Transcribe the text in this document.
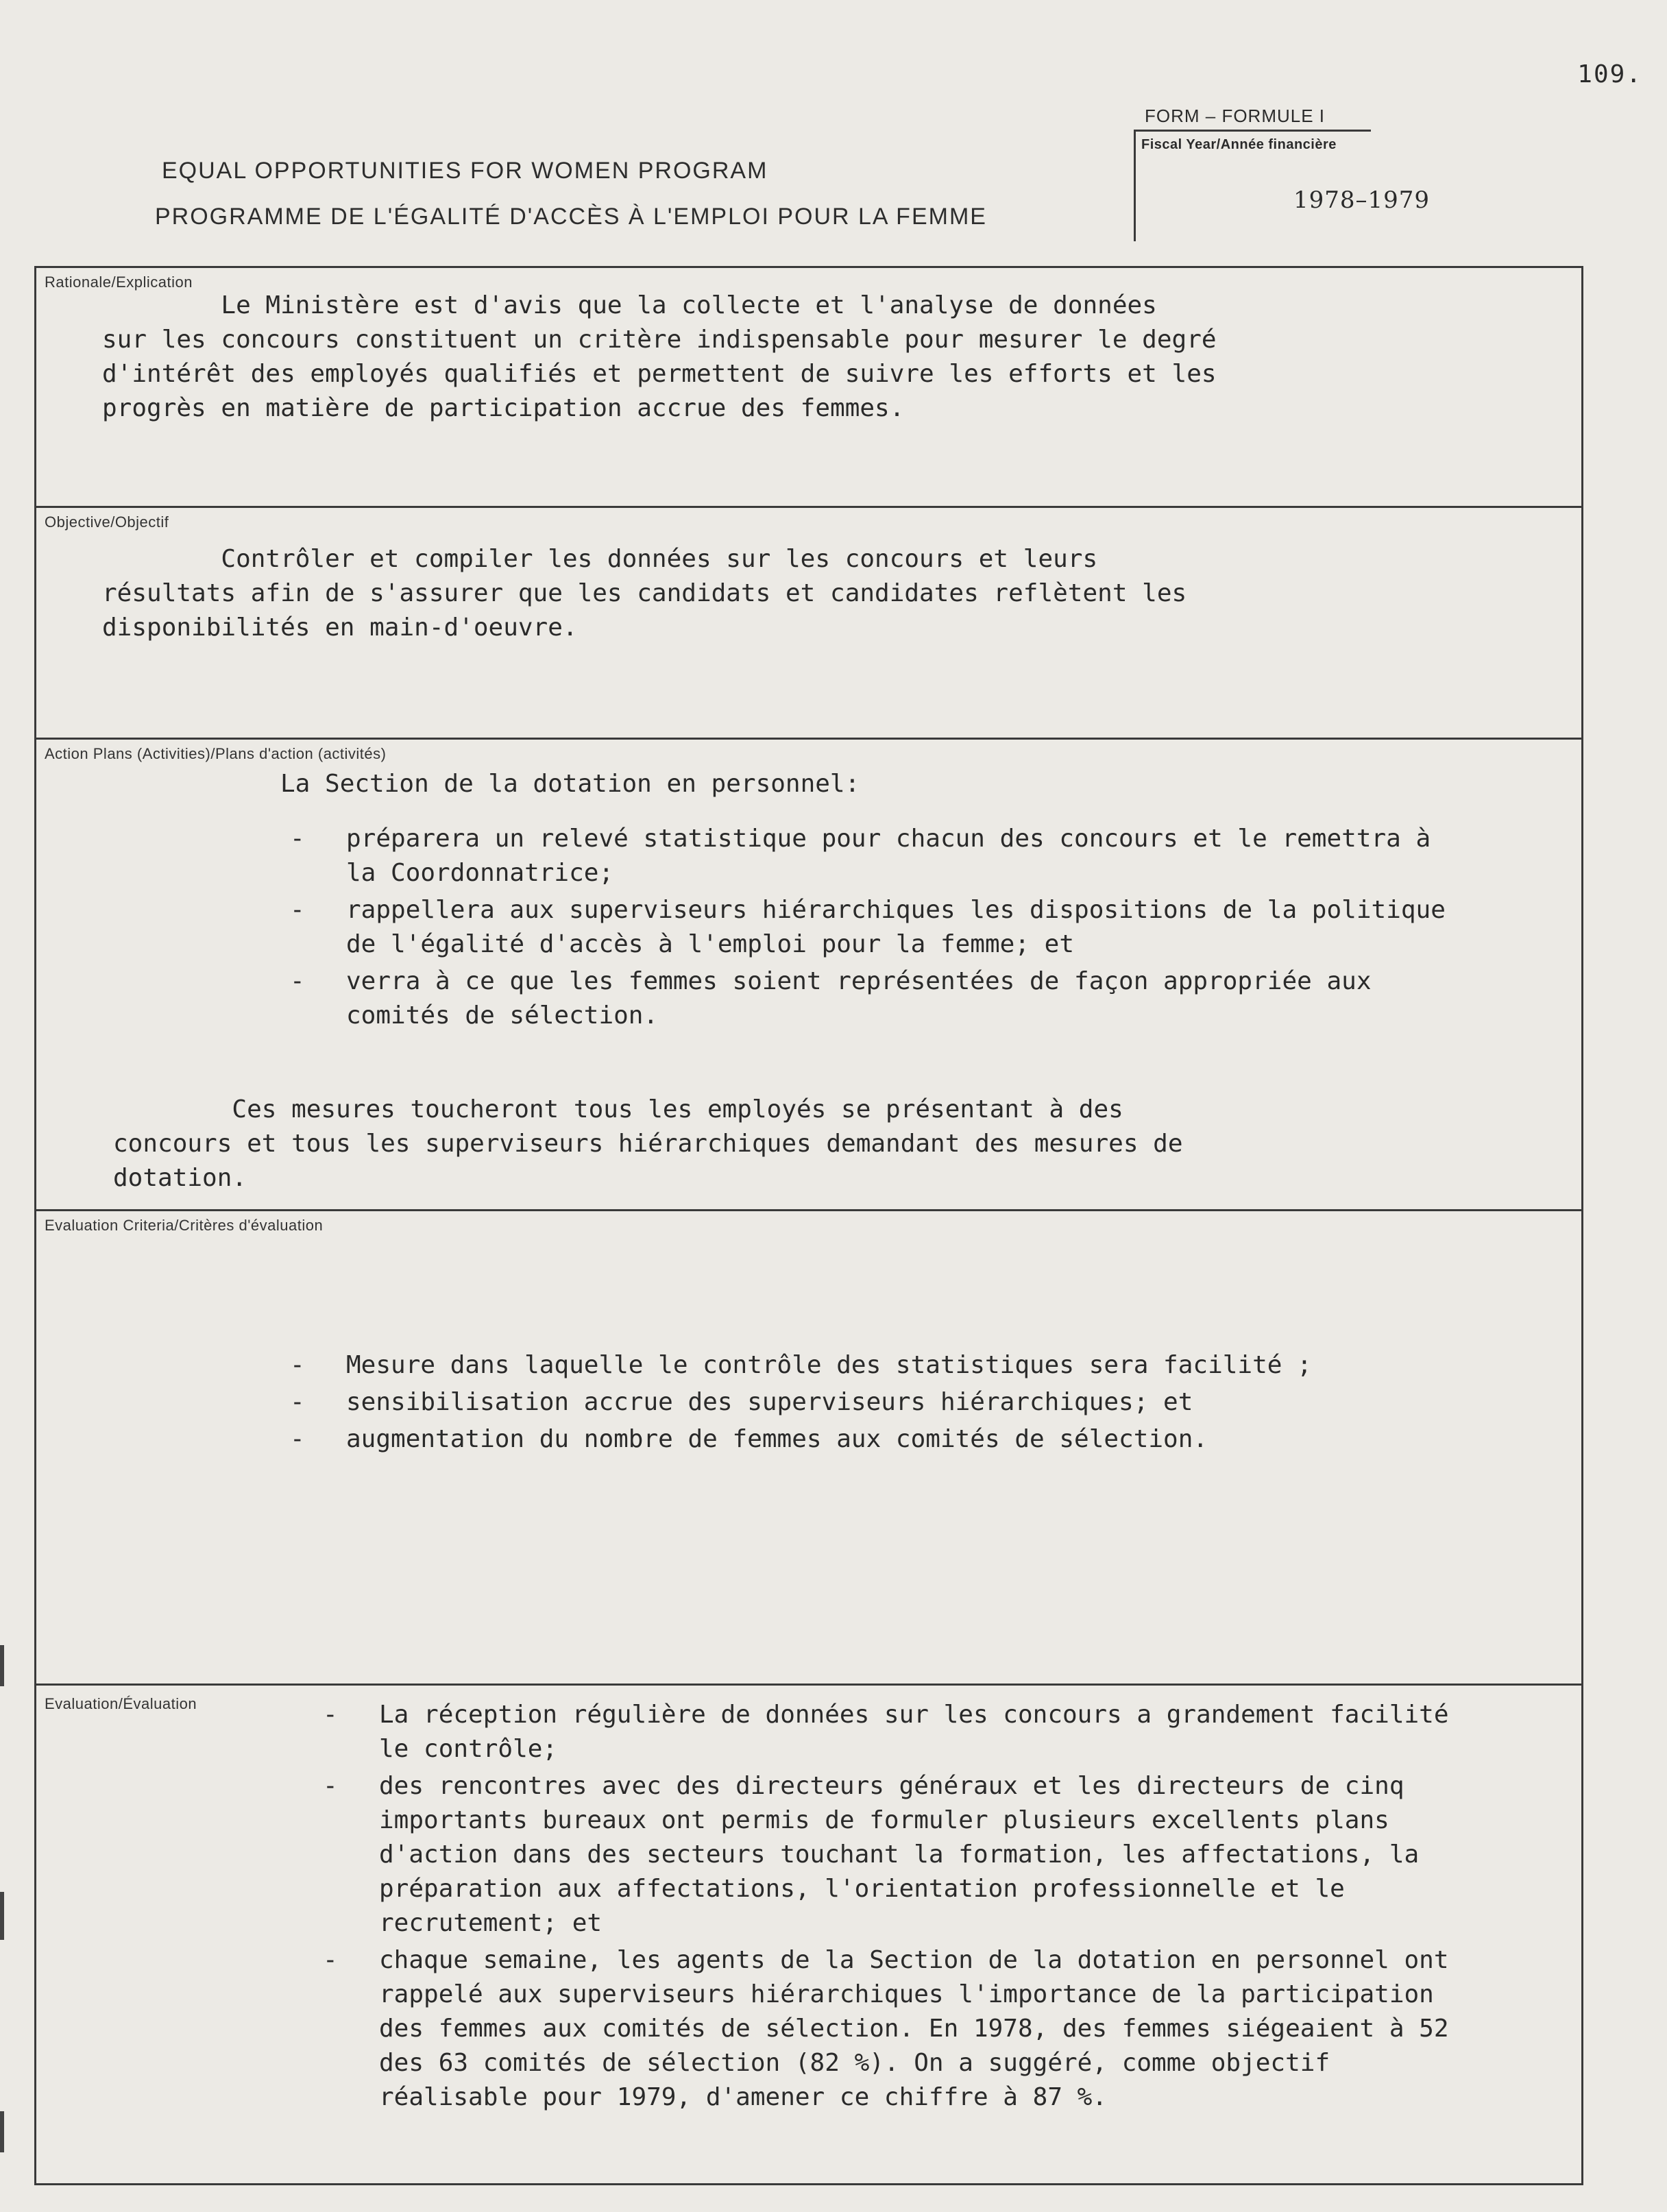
109.
EQUAL OPPORTUNITIES FOR WOMEN PROGRAM
PROGRAMME DE L'ÉGALITÉ D'ACCÈS À L'EMPLOI POUR LA FEMME
FORM – FORMULE I
Fiscal Year/Année financière
1978–1979
Rationale/Explication
Le Ministère est d'avis que la collecte et l'analyse de données
sur les concours constituent un critère indispensable pour mesurer le degré
d'intérêt des employés qualifiés et permettent de suivre les efforts et les
progrès en matière de participation accrue des femmes.
Objective/Objectif
Contrôler et compiler les données sur les concours et leurs
résultats afin de s'assurer que les candidats et candidates reflètent les
disponibilités en main-d'oeuvre.
Action Plans (Activities)/Plans d'action (activités)
La Section de la dotation en personnel:
- préparera un relevé statistique pour chacun des concours et le remettra à la Coordonnatrice;
- rappellera aux superviseurs hiérarchiques les dispositions de la politique de l'égalité d'accès à l'emploi pour la femme; et
- verra à ce que les femmes soient représentées de façon appropriée aux comités de sélection.
Ces mesures toucheront tous les employés se présentant à des
concours et tous les superviseurs hiérarchiques demandant des mesures de
dotation.
Evaluation Criteria/Critères d'évaluation
- Mesure dans laquelle le contrôle des statistiques sera facilité ;
- sensibilisation accrue des superviseurs hiérarchiques; et
- augmentation du nombre de femmes aux comités de sélection.
Evaluation/Évaluation	- La réception régulière de données sur les concours a grandement facilité le contrôle;
- des rencontres avec des directeurs généraux et les directeurs de cinq importants bureaux ont permis de formuler plusieurs excellents plans d'action dans des secteurs touchant la formation, les affectations, la préparation aux affectations, l'orientation professionnelle et le recrutement; et
- chaque semaine, les agents de la Section de la dotation en personnel ont rappelé aux superviseurs hiérarchiques l'importance de la participation des femmes aux comités de sélection. En 1978, des femmes siégeaient à 52 des 63 comités de sélection (82 %). On a suggéré, comme objectif réalisable pour 1979, d'amener ce chiffre à 87 %.
